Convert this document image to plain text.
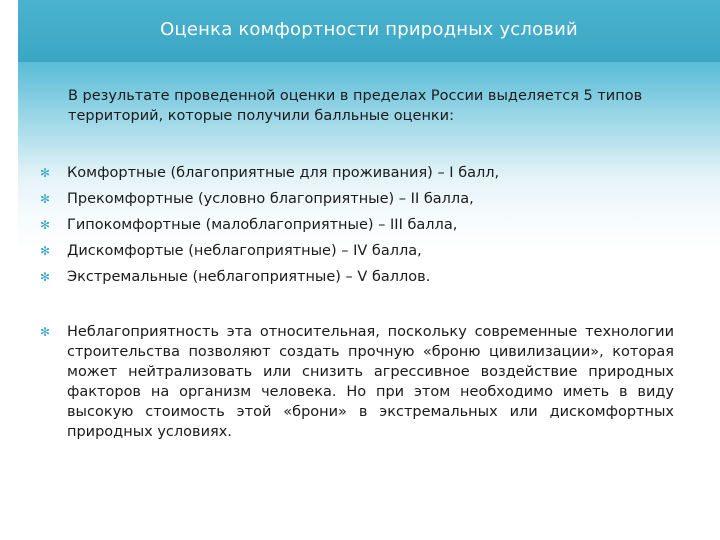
Оценка комфортности природных условий
В результате проведенной оценки в пределах России выделяется 5 типов территорий, которые получили балльные оценки:
✻ Комфортные (благоприятные для проживания) – I балл,
✻ Прекомфортные (условно благоприятные) – II балла,
✻ Гипокомфортные (малоблагоприятные) – III балла,
✻ Дискомфортые (неблагоприятные) – IV балла,
✻ Экстремальные (неблагоприятные) – V баллов.
✻ Неблагоприятность эта относительная, поскольку современные технологии строительства позволяют создать прочную «броню цивилизации», которая может нейтрализовать или снизить агрессивное воздействие природных факторов на организм человека. Но при этом необходимо иметь в виду высокую стоимость этой «брони» в экстремальных или дискомфортных природных условиях.
